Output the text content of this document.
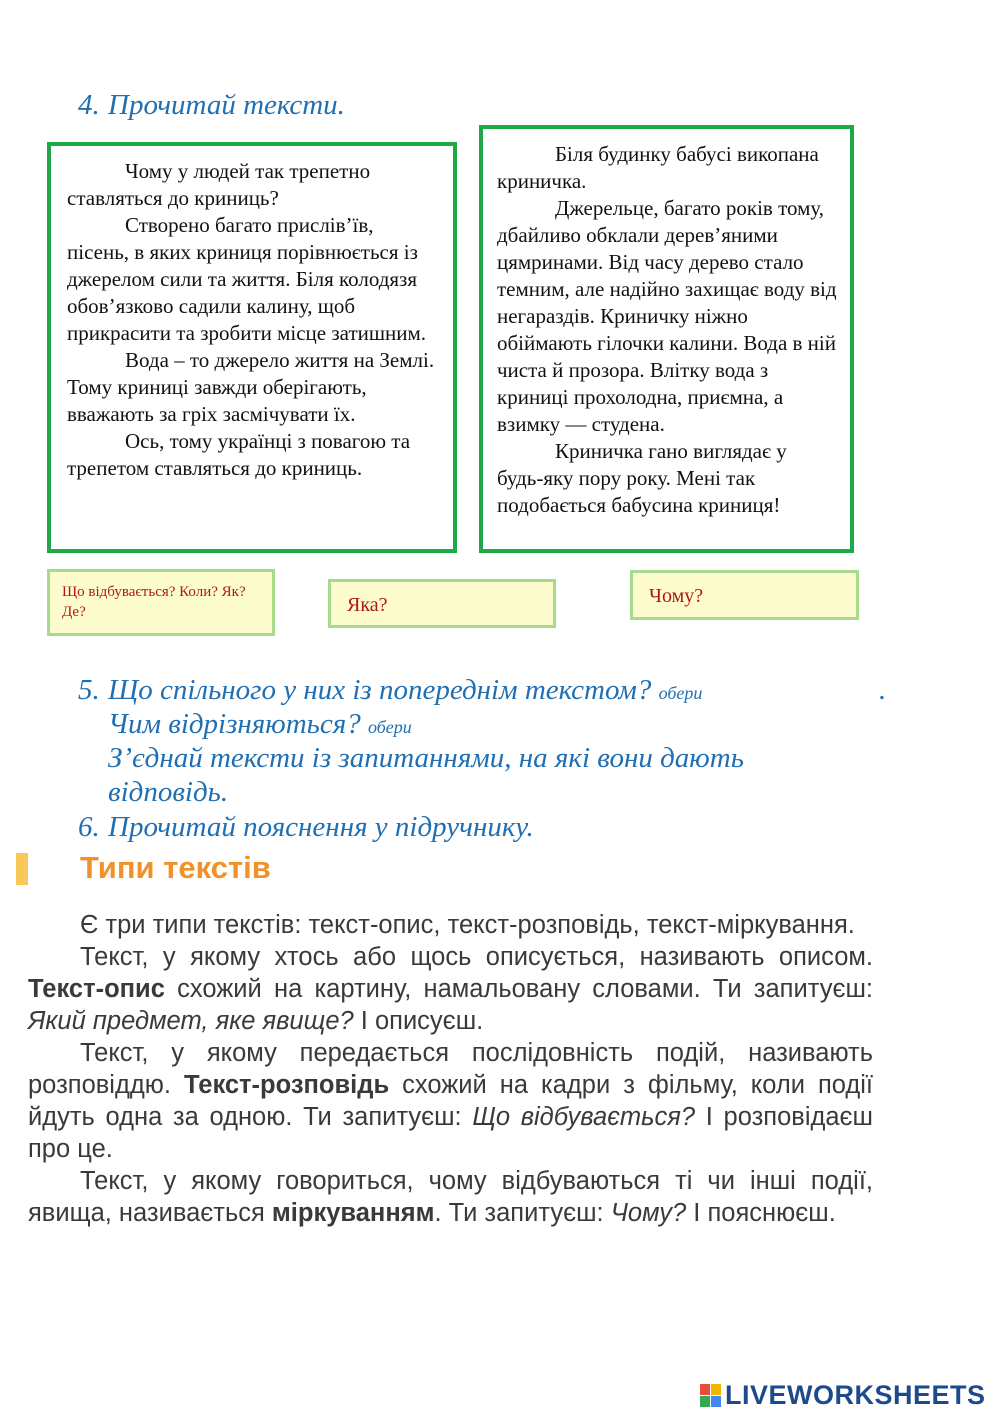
4. Прочитай тексти.

Чому у людей так трепетно ставляться до криниць?

Створено багато прислів’їв, пісень, в яких криниця порівнюється із джерелом сили та життя. Біля колодязя обов’язково садили калину, щоб прикрасити та зробити місце затишним.

Вода – то джерело життя на Землі. Тому криниці завжди оберігають, вважають за гріх засмічувати їх.

Ось, тому українці з повагою та трепетом ставляться до криниць.

Біля будинку бабусі викопана криничка.

Джерельце, багато років тому, дбайливо обклали дерев’яними цямринами. Від часу дерево стало темним, але надійно захищає воду від негараздів. Криничку ніжно обіймають гілочки калини. Вода в ній чиста й прозора. Влітку вода з криниці прохолодна, приємна, а взимку — студена.

Криничка гано виглядає у будь-яку пору року. Мені так подобається бабусина криниця!

Що відбувається? Коли? Як? Де?	Яка?	Чому?
5. Що спільного у них із попереднім текстом? обери	.
Чим відрізняються? обери
З’єднай тексти із запитаннями, на які вони дають
відповідь.
6. Прочитай пояснення у підручнику.
Типи текстів

Є три типи текстів: текст-опис, текст-розповідь, текст-міркування.

Текст, у якому хтось або щось описується, називають описом. Текст-опис схожий на картину, намальовану словами. Ти запитуєш: Який предмет, яке явище? І описуєш.

Текст, у якому передається послідовність подій, називають розповіддю. Текст-розповідь схожий на кадри з фільму, коли події йдуть одна за одною. Ти запитуєш: Що відбувається? І розповідаєш про це.

Текст, у якому говориться, чому відбуваються ті чи інші події, явища, називається міркуванням. Ти запитуєш: Чому? І пояснюєш.

LIVEWORKSHEETS
